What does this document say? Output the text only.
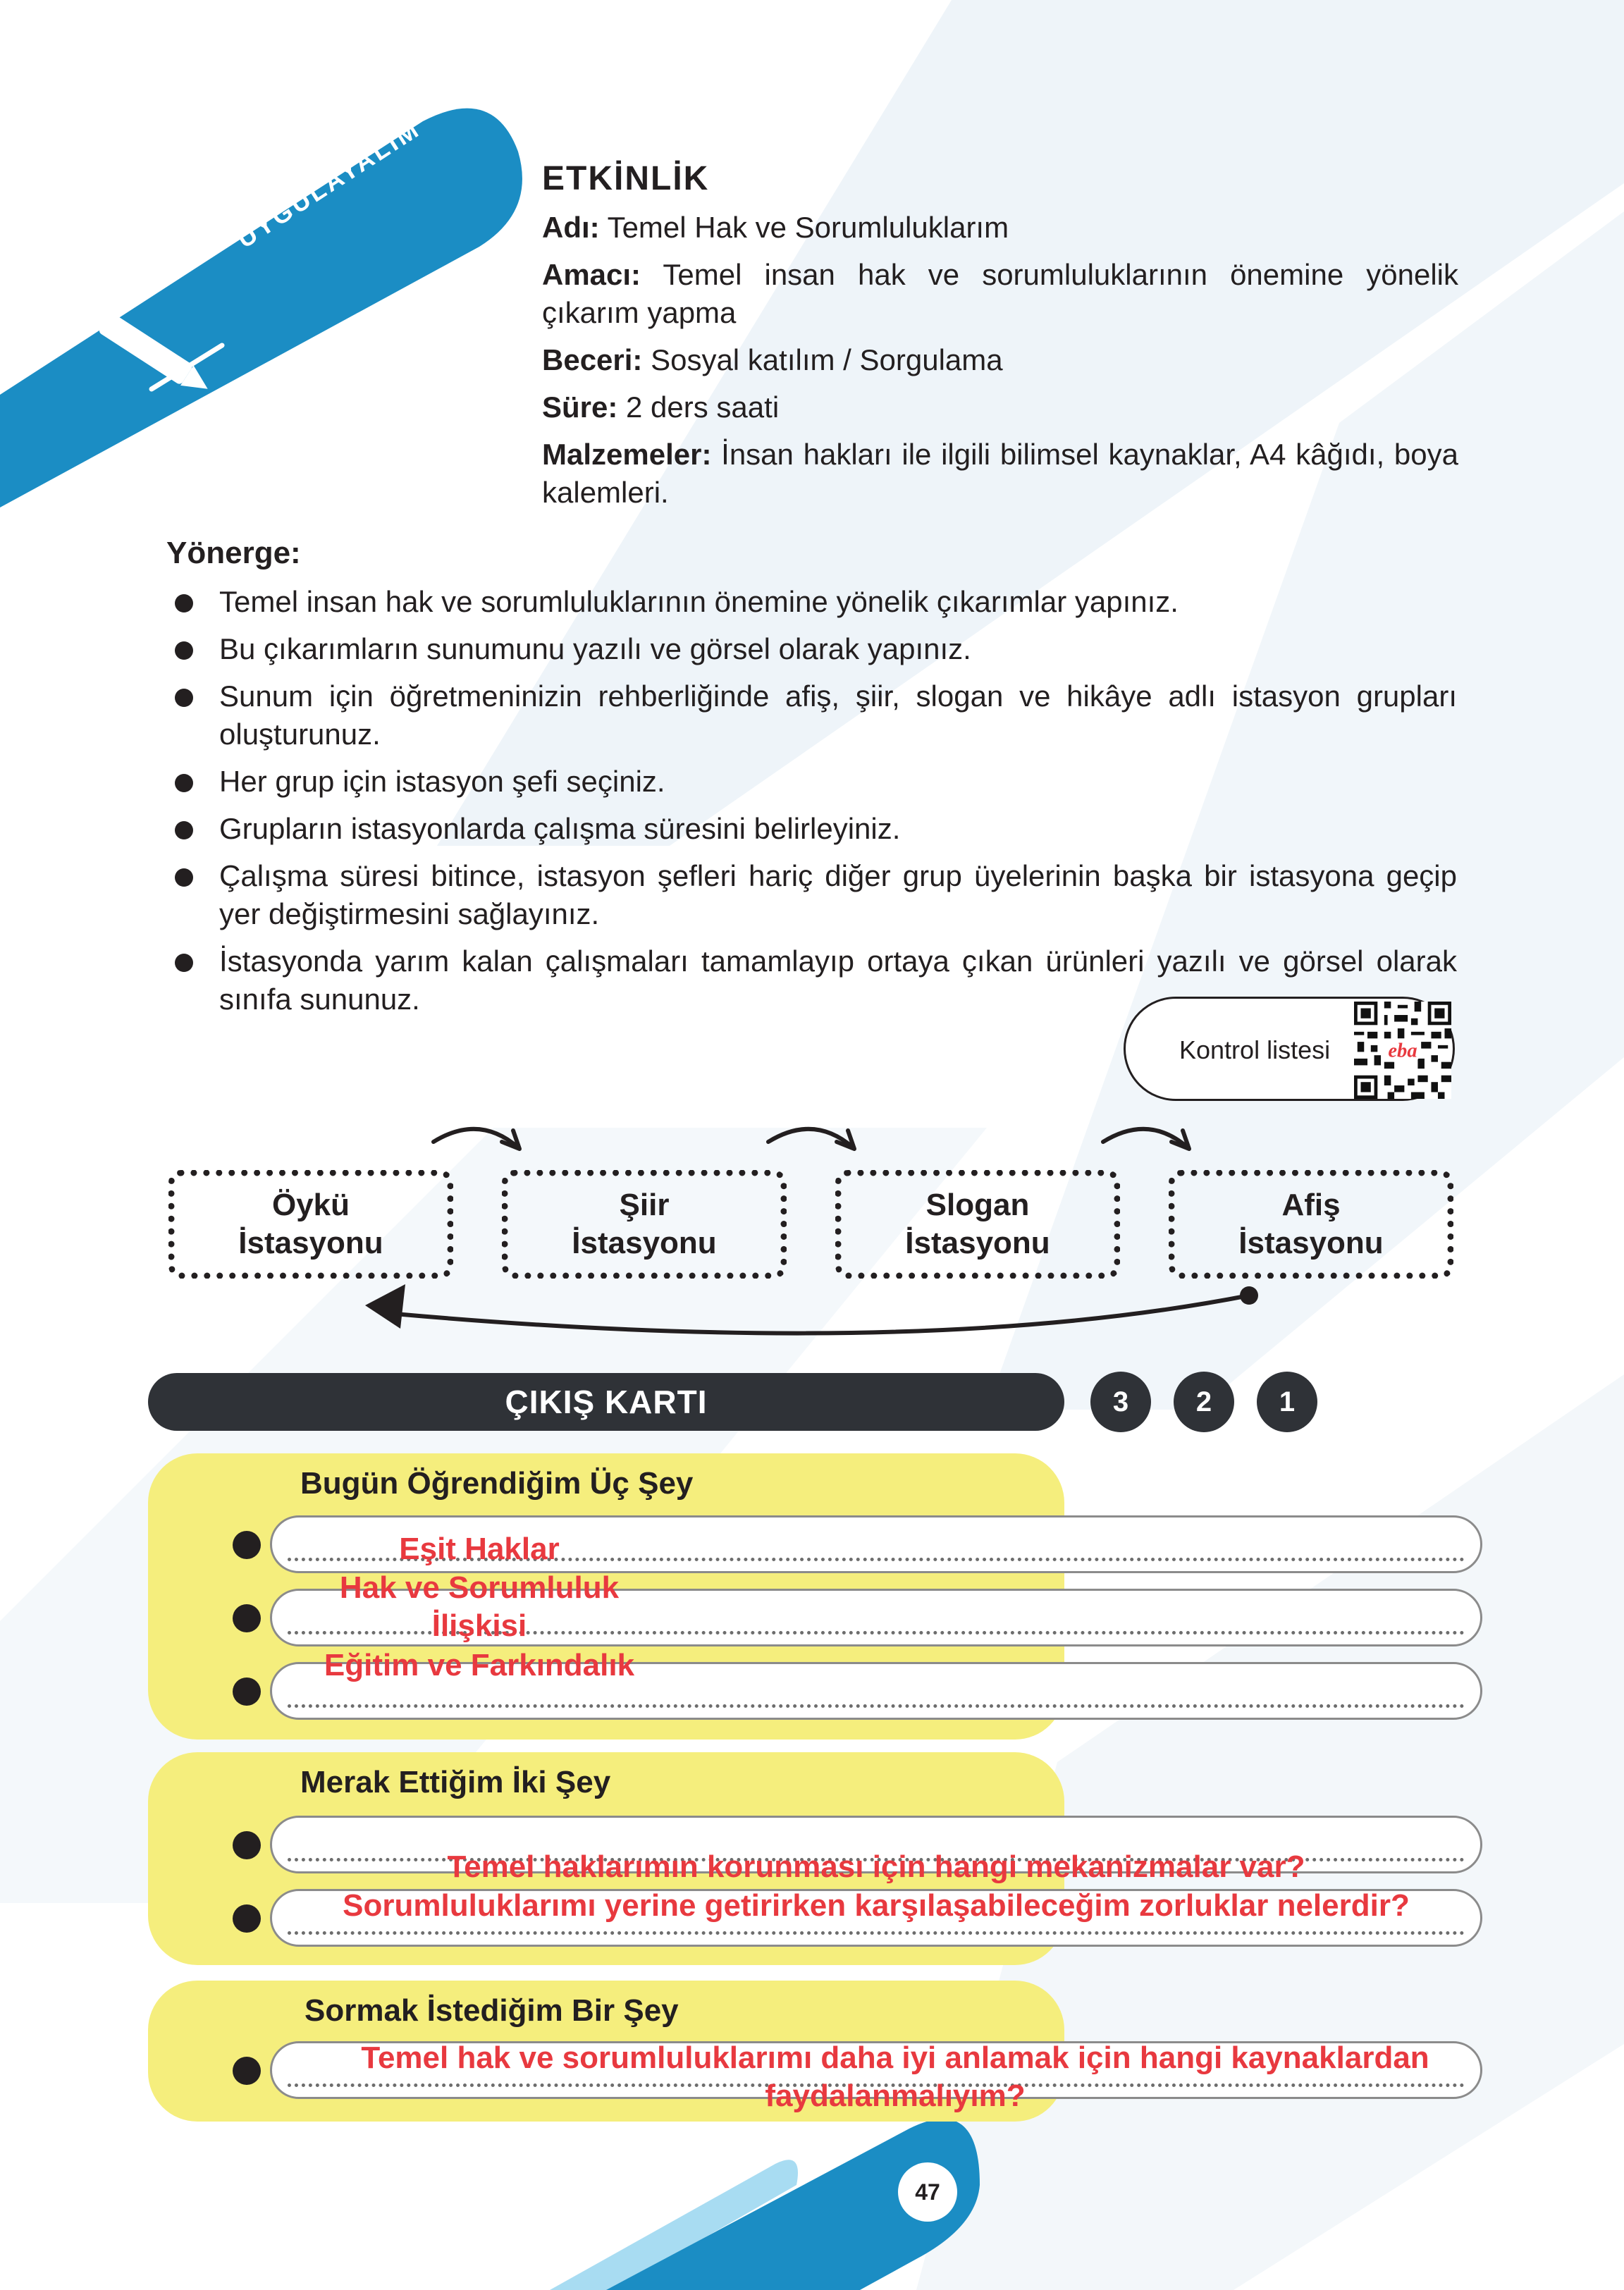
UYGULAYALIM	ETKİNLİK
Adı: Temel Hak ve Sorumluluklarım
Amacı: Temel insan hak ve sorumluluklarının önemine yönelik çıkarım yapma
Beceri: Sosyal katılım / Sorgulama
Süre: 2 ders saati
Malzemeler: İnsan hakları ile ilgili bilimsel kaynaklar, A4 kâğıdı, boya kalemleri.
Yönerge:
Temel insan hak ve sorumluluklarının önemine yönelik çıkarımlar yapınız.
Bu çıkarımların sunumunu yazılı ve görsel olarak yapınız.
Sunum için öğretmeninizin rehberliğinde afiş, şiir, slogan ve hikâye adlı istasyon grupları oluşturunuz.
Her grup için istasyon şefi seçiniz.
Grupların istasyonlarda çalışma süresini belirleyiniz.
Çalışma süresi bitince, istasyon şefleri hariç diğer grup üyelerinin başka bir istasyona geçip yer değiştirmesini sağlayınız.
İstasyonda yarım kalan çalışmaları tamamlayıp ortaya çıkan ürünleri yazılı ve görsel olarak sınıfa sununuz.
Kontrol listesi	eba
Öykü
İstasyonu
Şiir
İstasyonu
Slogan
İstasyonu
Afiş
İstasyonu
ÇIKIŞ KARTI	3	2	1
Bugün Öğrendiğim Üç Şey
Eşit Haklar
Hak ve Sorumluluk İlişkisi
Eğitim ve Farkındalık
Merak Ettiğim İki Şey
Temel haklarımın korunması için hangi mekanizmalar var?
Sorumluluklarımı yerine getirirken karşılaşabileceğim zorluklar nelerdir?
Sormak İstediğim Bir Şey
Temel hak ve sorumluluklarımı daha iyi anlamak için hangi kaynaklardan faydalanmalıyım?
47
